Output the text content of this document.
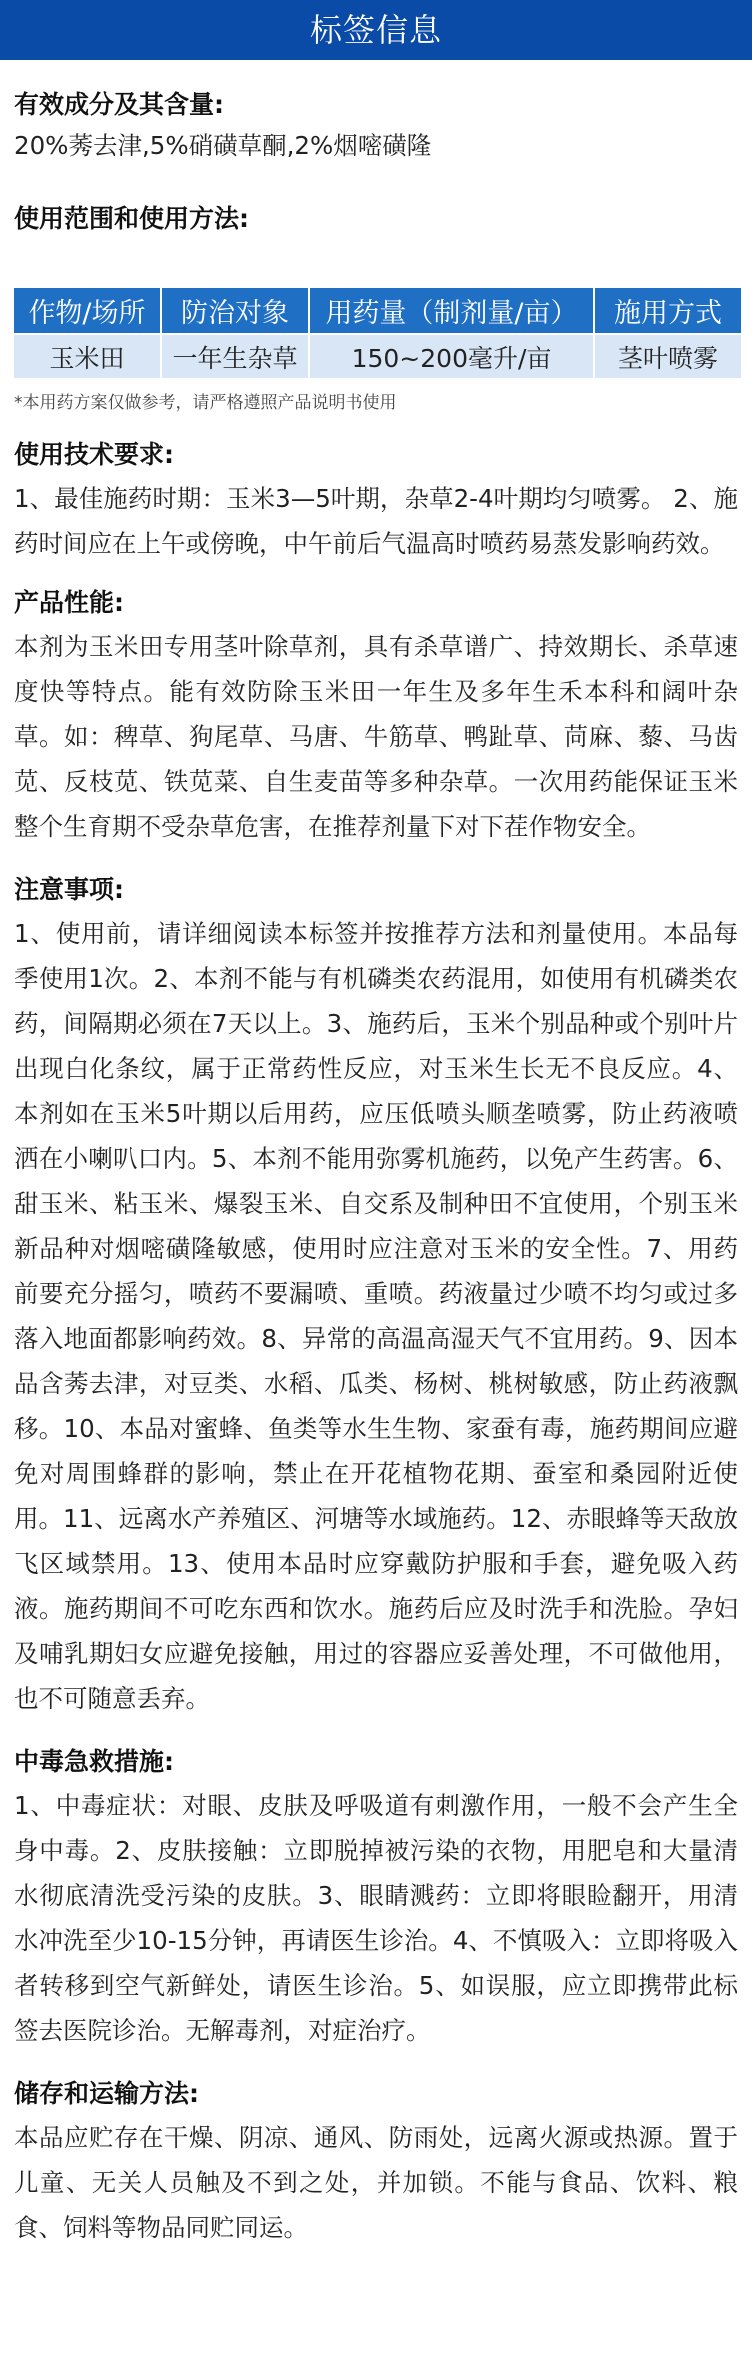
标签信息
有效成分及其含量:
20%莠去津,5%硝磺草酮,2%烟嘧磺隆
使用范围和使用方法:
作物/场所	防治对象	用药量（制剂量/亩）	施用方式
玉米田	一年生杂草	150~200毫升/亩	茎叶喷雾
*本用药方案仅做参考，请严格遵照产品说明书使用
使用技术要求:
1、最佳施药时期：玉米3—5叶期，杂草2-4叶期均匀喷雾。 2、施药时间应在上午或傍晚，中午前后气温高时喷药易蒸发影响药效。
产品性能:
本剂为玉米田专用茎叶除草剂，具有杀草谱广、持效期长、杀草速度快等特点。能有效防除玉米田一年生及多年生禾本科和阔叶杂草。如：稗草、狗尾草、马唐、牛筋草、鸭趾草、苘麻、藜、马齿苋、反枝苋、铁苋菜、自生麦苗等多种杂草。一次用药能保证玉米整个生育期不受杂草危害，在推荐剂量下对下茬作物安全。
注意事项:
1、使用前，请详细阅读本标签并按推荐方法和剂量使用。本品每季使用1次。2、本剂不能与有机磷类农药混用，如使用有机磷类农药，间隔期必须在7天以上。3、施药后，玉米个别品种或个别叶片出现白化条纹，属于正常药性反应，对玉米生长无不良反应。4、本剂如在玉米5叶期以后用药，应压低喷头顺垄喷雾，防止药液喷洒在小喇叭口内。5、本剂不能用弥雾机施药，以免产生药害。6、甜玉米、粘玉米、爆裂玉米、自交系及制种田不宜使用，个别玉米新品种对烟嘧磺隆敏感，使用时应注意对玉米的安全性。7、用药前要充分摇匀，喷药不要漏喷、重喷。药液量过少喷不均匀或过多落入地面都影响药效。8、异常的高温高湿天气不宜用药。9、因本品含莠去津，对豆类、水稻、瓜类、杨树、桃树敏感，防止药液飘移。10、本品对蜜蜂、鱼类等水生生物、家蚕有毒，施药期间应避免对周围蜂群的影响，禁止在开花植物花期、蚕室和桑园附近使用。11、远离水产养殖区、河塘等水域施药。12、赤眼蜂等天敌放飞区域禁用。13、使用本品时应穿戴防护服和手套，避免吸入药液。施药期间不可吃东西和饮水。施药后应及时洗手和洗脸。孕妇及哺乳期妇女应避免接触，用过的容器应妥善处理，不可做他用，也不可随意丢弃。
中毒急救措施:
1、中毒症状：对眼、皮肤及呼吸道有刺激作用，一般不会产生全身中毒。2、皮肤接触：立即脱掉被污染的衣物，用肥皂和大量清水彻底清洗受污染的皮肤。3、眼睛溅药：立即将眼睑翻开，用清水冲洗至少10-15分钟，再请医生诊治。4、不慎吸入：立即将吸入者转移到空气新鲜处，请医生诊治。5、如误服，应立即携带此标签去医院诊治。无解毒剂，对症治疗。
储存和运输方法:
本品应贮存在干燥、阴凉、通风、防雨处，远离火源或热源。置于儿童、无关人员触及不到之处，并加锁。不能与食品、饮料、粮食、饲料等物品同贮同运。
